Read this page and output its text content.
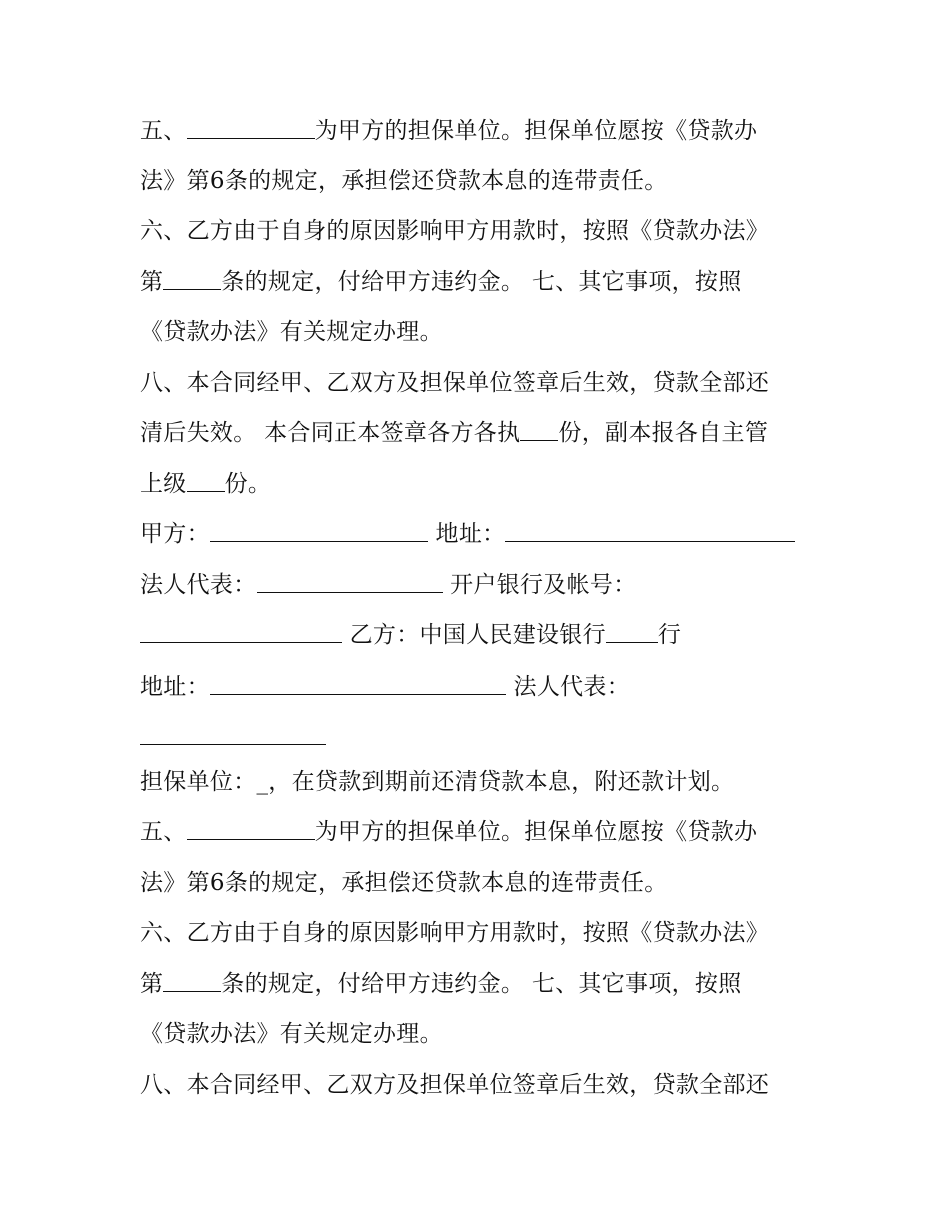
五、	为甲方的担保单位。担保单位愿按《贷款办
法》第6条的规定，承担偿还贷款本息的连带责任。
六、乙方由于自身的原因影响甲方用款时，按照《贷款办法》
第	条的规定，付给甲方违约金。 七、其它事项，按照
《贷款办法》有关规定办理。
八、本合同经甲、乙双方及担保单位签章后生效，贷款全部还
清后失效。 本合同正本签章各方各执 份，副本报各自主管
上级 份。
甲方：	地址：
法人代表：	开户银行及帐号：
乙方：中国人民建设银行 行
地址：	法人代表：
担保单位：_，在贷款到期前还清贷款本息，附还款计划。
五、	为甲方的担保单位。担保单位愿按《贷款办
法》第6条的规定，承担偿还贷款本息的连带责任。
六、乙方由于自身的原因影响甲方用款时，按照《贷款办法》
第	条的规定，付给甲方违约金。 七、其它事项，按照
《贷款办法》有关规定办理。
八、本合同经甲、乙双方及担保单位签章后生效，贷款全部还
